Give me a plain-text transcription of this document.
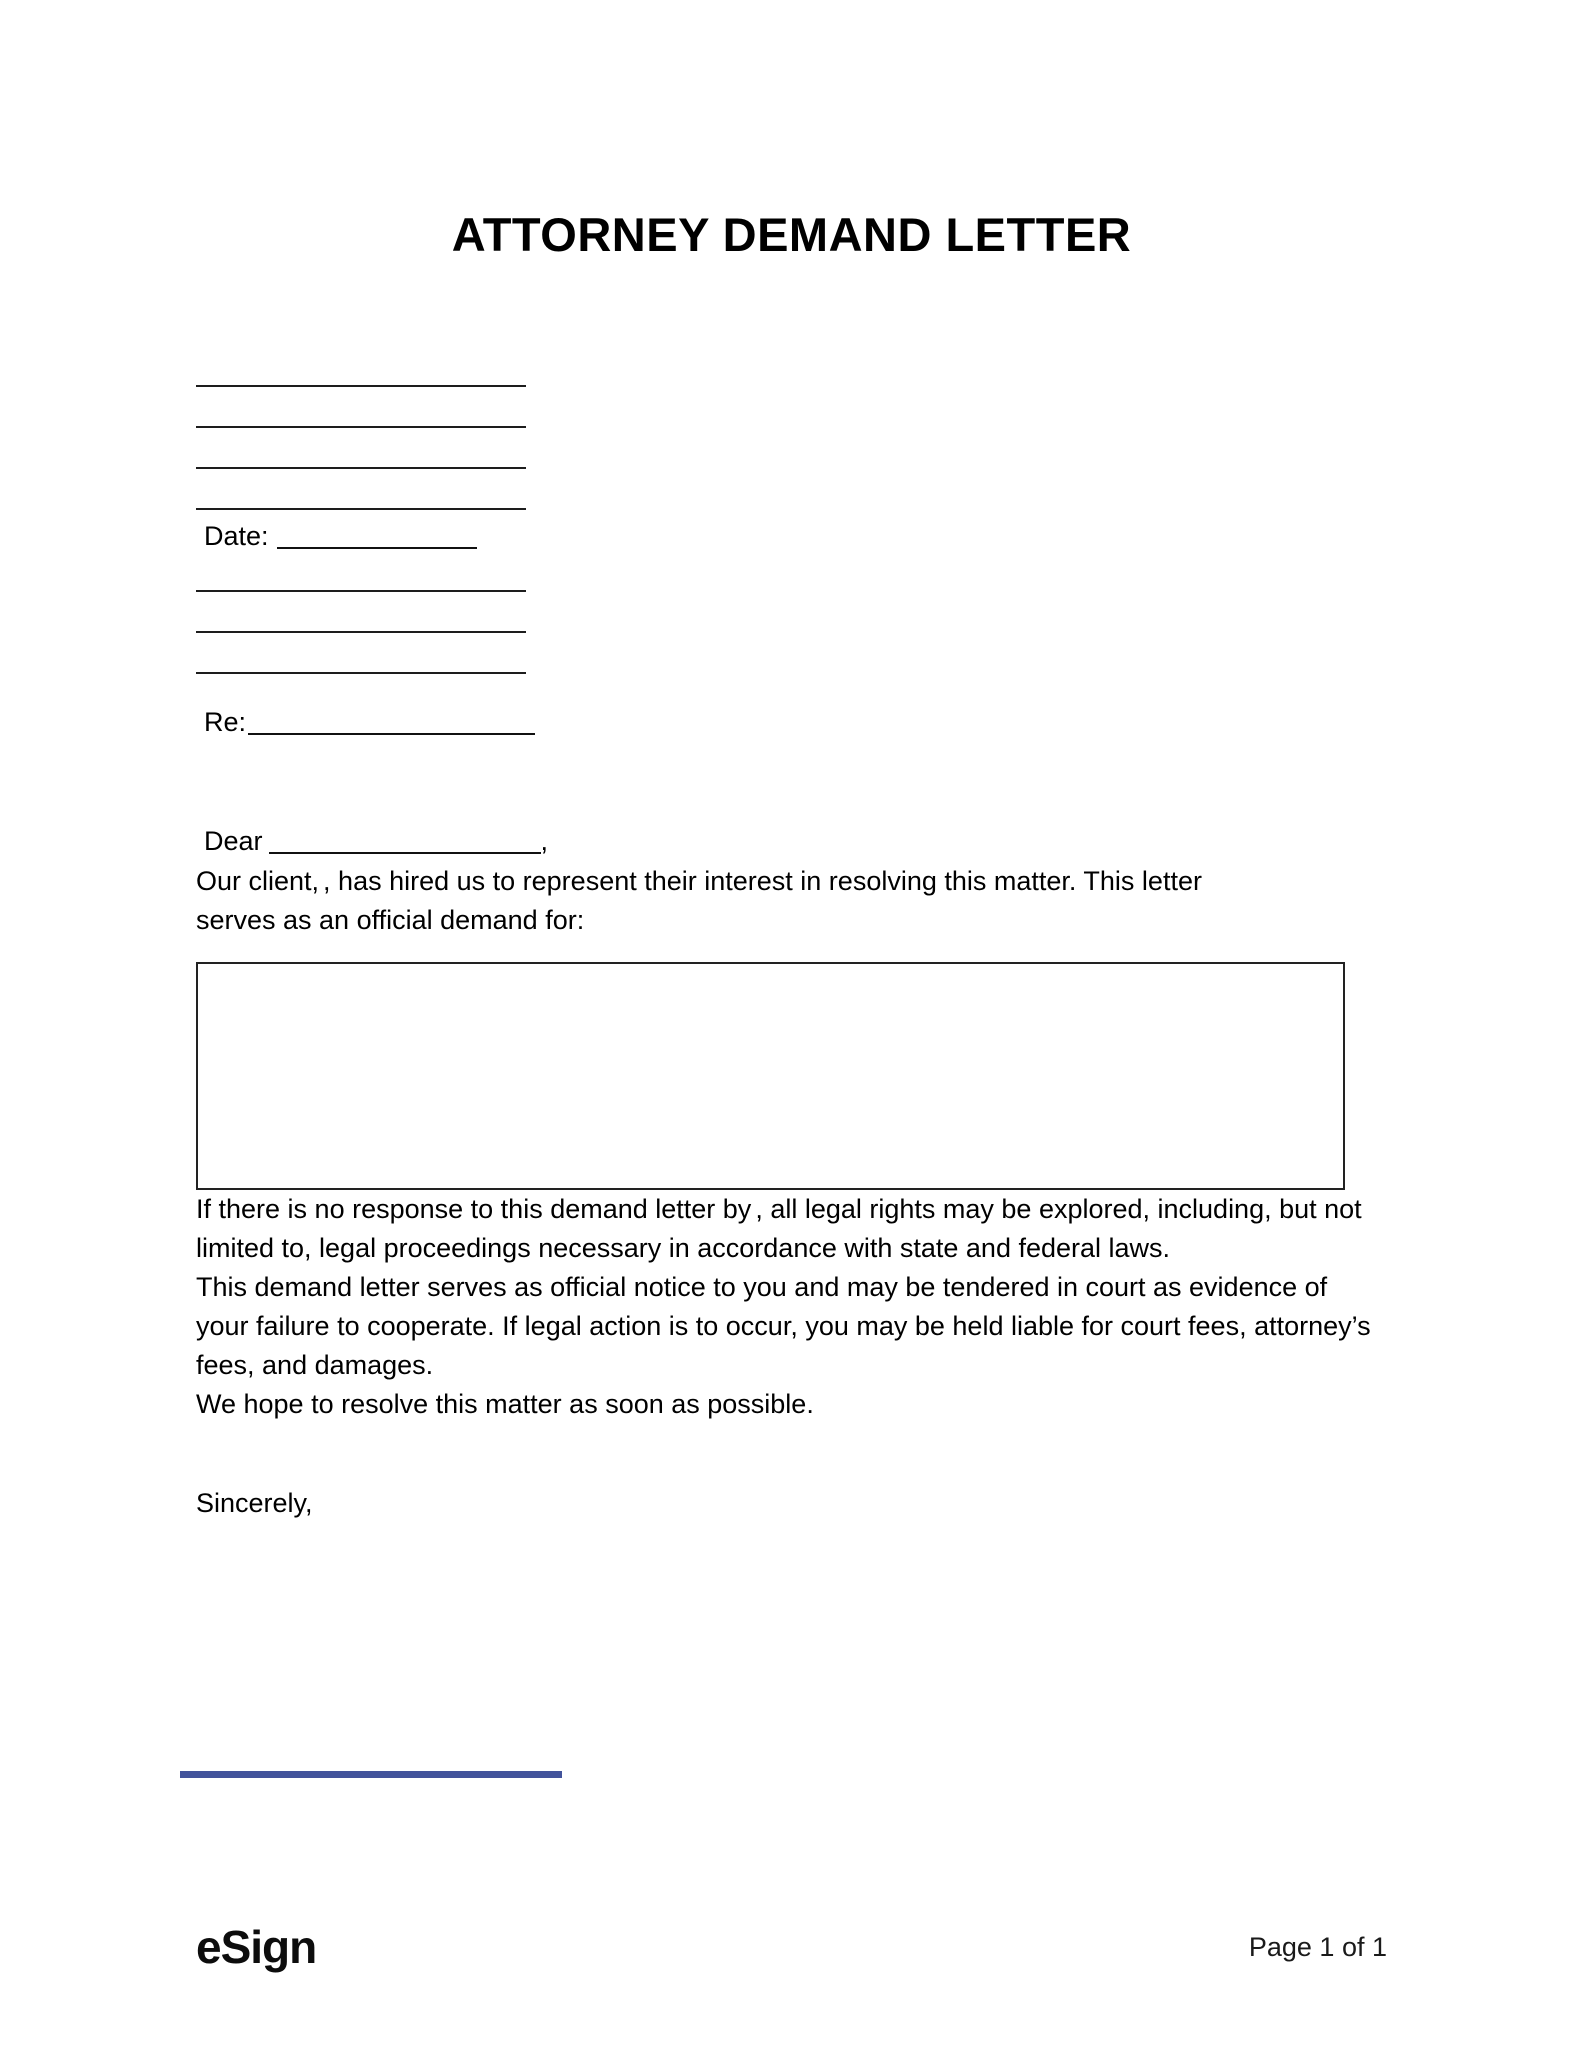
ATTORNEY DEMAND LETTER
Date:
Re:
Dear	,

Our client, , has hired us to represent their interest in resolving this matter. This letter serves as an official demand for:

If there is no response to this demand letter by , all legal rights may be explored, including, but not limited to, legal proceedings necessary in accordance with state and federal laws.

This demand letter serves as official notice to you and may be tendered in court as evidence of your failure to cooperate. If legal action is to occur, you may be held liable for court fees, attorney’s fees, and damages.

We hope to resolve this matter as soon as possible.

Sincerely,
eSign	Page 1 of 1
